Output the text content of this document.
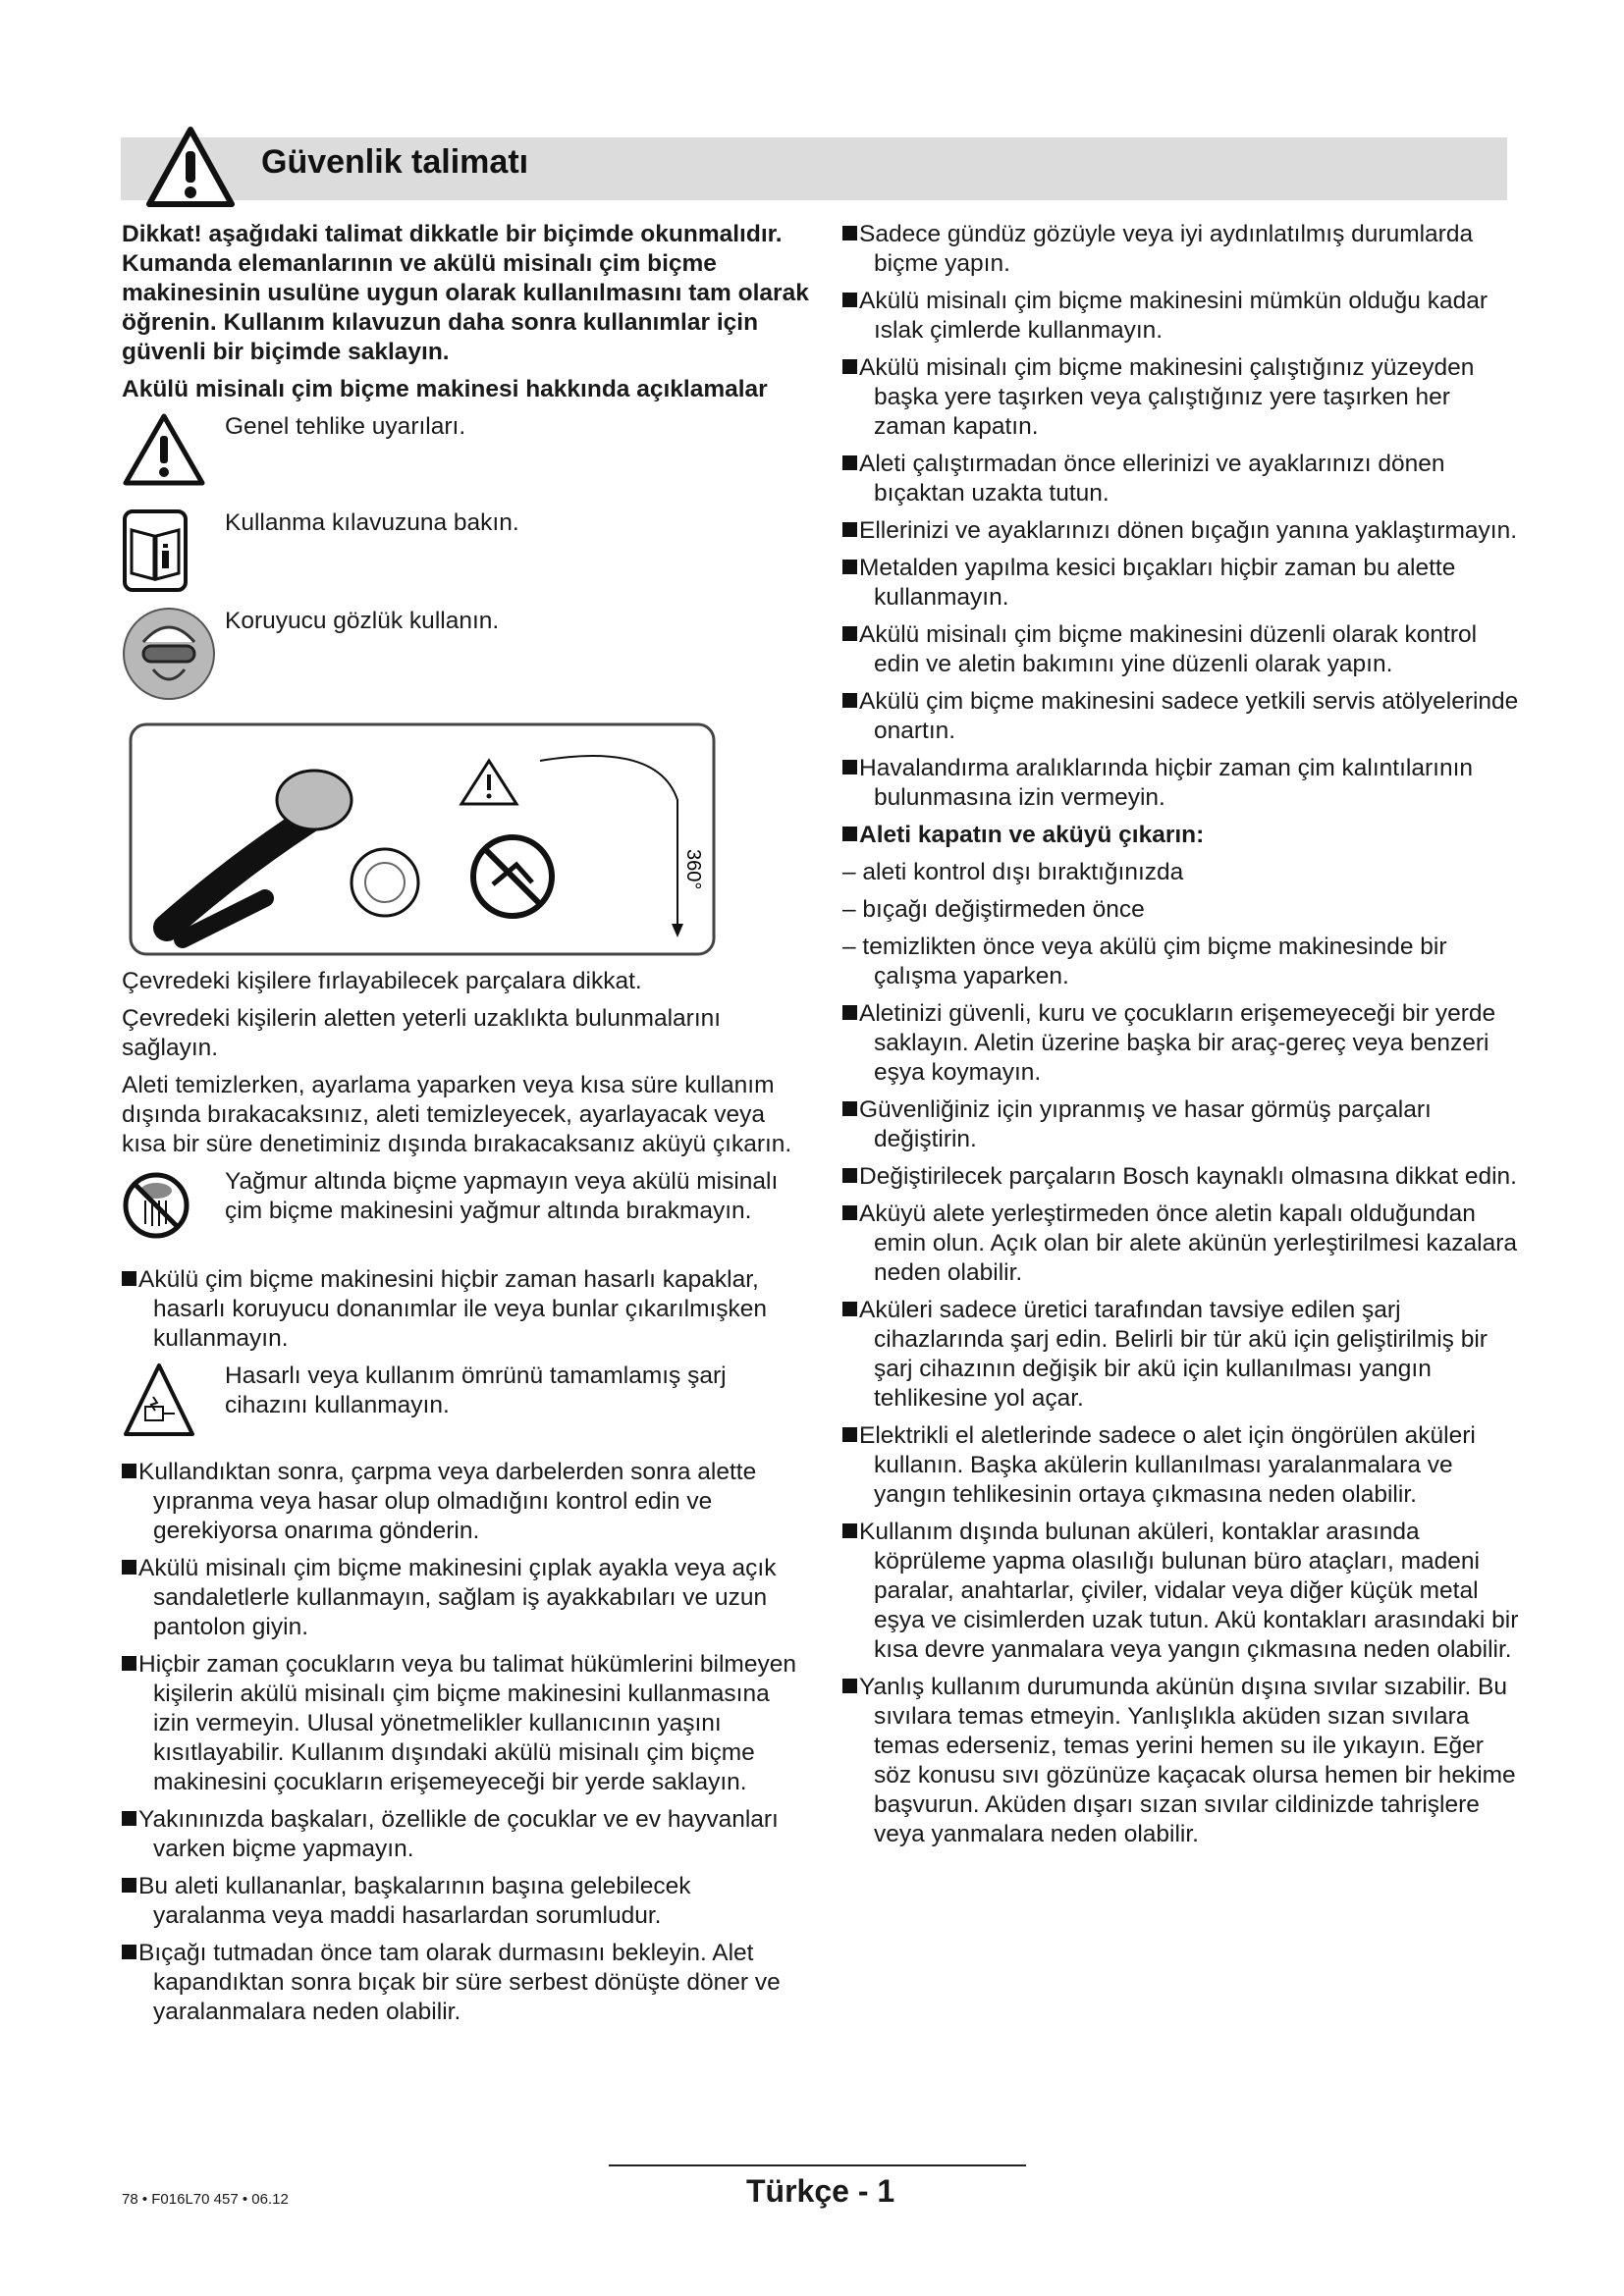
Güvenlik talimatı

Dikkat! aşağıdaki talimat dikkatle bir biçimde okunmalıdır. Kumanda elemanlarının ve akülü misinalı çim biçme makinesinin usulüne uygun olarak kullanılmasını tam olarak öğrenin. Kullanım kılavuzun daha sonra kullanımlar için güvenli bir biçimde saklayın.

Akülü misinalı çim biçme makinesi hakkında açıklamalar

Genel tehlike uyarıları.
Kullanma kılavuzuna bakın.
Koruyucu gözlük kullanın.
360°

Çevredeki kişilere fırlayabilecek parçalara dikkat.

Çevredeki kişilerin aletten yeterli uzaklıkta bulunmalarını sağlayın.

Aleti temizlerken, ayarlama yaparken veya kısa süre kullanım dışında bırakacaksınız, aleti temizleyecek, ayarlayacak veya kısa bir süre denetiminiz dışında bırakacaksanız aküyü çıkarın.

Yağmur altında biçme yapmayın veya akülü misinalı çim biçme makinesini yağmur altında bırakmayın.

Akülü çim biçme makinesini hiçbir zaman hasarlı kapaklar, hasarlı koruyucu donanımlar ile veya bunlar çıkarılmışken kullanmayın.

Hasarlı veya kullanım ömrünü tamamlamış şarj cihazını kullanmayın.

Kullandıktan sonra, çarpma veya darbelerden sonra alette yıpranma veya hasar olup olmadığını kontrol edin ve gerekiyorsa onarıma gönderin.

Akülü misinalı çim biçme makinesini çıplak ayakla veya açık sandaletlerle kullanmayın, sağlam iş ayakkabıları ve uzun pantolon giyin.

Hiçbir zaman çocukların veya bu talimat hükümlerini bilmeyen kişilerin akülü misinalı çim biçme makinesini kullanmasına izin vermeyin. Ulusal yönetmelikler kullanıcının yaşını kısıtlayabilir. Kullanım dışındaki akülü misinalı çim biçme makinesini çocukların erişemeyeceği bir yerde saklayın.

Yakınınızda başkaları, özellikle de çocuklar ve ev hayvanları varken biçme yapmayın.

Bu aleti kullananlar, başkalarının başına gelebilecek yaralanma veya maddi hasarlardan sorumludur.

Bıçağı tutmadan önce tam olarak durmasını bekleyin. Alet kapandıktan sonra bıçak bir süre serbest dönüşte döner ve yaralanmalara neden olabilir.

Sadece gündüz gözüyle veya iyi aydınlatılmış durumlarda biçme yapın.

Akülü misinalı çim biçme makinesini mümkün olduğu kadar ıslak çimlerde kullanmayın.

Akülü misinalı çim biçme makinesini çalıştığınız yüzeyden başka yere taşırken veya çalıştığınız yere taşırken her zaman kapatın.

Aleti çalıştırmadan önce ellerinizi ve ayaklarınızı dönen bıçaktan uzakta tutun.

Ellerinizi ve ayaklarınızı dönen bıçağın yanına yaklaştırmayın.

Metalden yapılma kesici bıçakları hiçbir zaman bu alette kullanmayın.

Akülü misinalı çim biçme makinesini düzenli olarak kontrol edin ve aletin bakımını yine düzenli olarak yapın.

Akülü çim biçme makinesini sadece yetkili servis atölyelerinde onartın.

Havalandırma aralıklarında hiçbir zaman çim kalıntılarının bulunmasına izin vermeyin.

Aleti kapatın ve aküyü çıkarın:

– aleti kontrol dışı bıraktığınızda

– bıçağı değiştirmeden önce

– temizlikten önce veya akülü çim biçme makinesinde bir çalışma yaparken.

Aletinizi güvenli, kuru ve çocukların erişemeyeceği bir yerde saklayın. Aletin üzerine başka bir araç-gereç veya benzeri eşya koymayın.

Güvenliğiniz için yıpranmış ve hasar görmüş parçaları değiştirin.

Değiştirilecek parçaların Bosch kaynaklı olmasına dikkat edin.

Aküyü alete yerleştirmeden önce aletin kapalı olduğundan emin olun. Açık olan bir alete akünün yerleştirilmesi kazalara neden olabilir.

Aküleri sadece üretici tarafından tavsiye edilen şarj cihazlarında şarj edin. Belirli bir tür akü için geliştirilmiş bir şarj cihazının değişik bir akü için kullanılması yangın tehlikesine yol açar.

Elektrikli el aletlerinde sadece o alet için öngörülen aküleri kullanın. Başka akülerin kullanılması yaralanmalara ve yangın tehlikesinin ortaya çıkmasına neden olabilir.

Kullanım dışında bulunan aküleri, kontaklar arasında köprüleme yapma olasılığı bulunan büro ataçları, madeni paralar, anahtarlar, çiviler, vidalar veya diğer küçük metal eşya ve cisimlerden uzak tutun. Akü kontakları arasındaki bir kısa devre yanmalara veya yangın çıkmasına neden olabilir.

Yanlış kullanım durumunda akünün dışına sıvılar sızabilir. Bu sıvılara temas etmeyin. Yanlışlıkla aküden sızan sıvılara temas ederseniz, temas yerini hemen su ile yıkayın. Eğer söz konusu sıvı gözünüze kaçacak olursa hemen bir hekime başvurun. Aküden dışarı sızan sıvılar cildinizde tahrişlere veya yanmalara neden olabilir.

78 • F016L70 457 • 06.12	Türkçe - 1
